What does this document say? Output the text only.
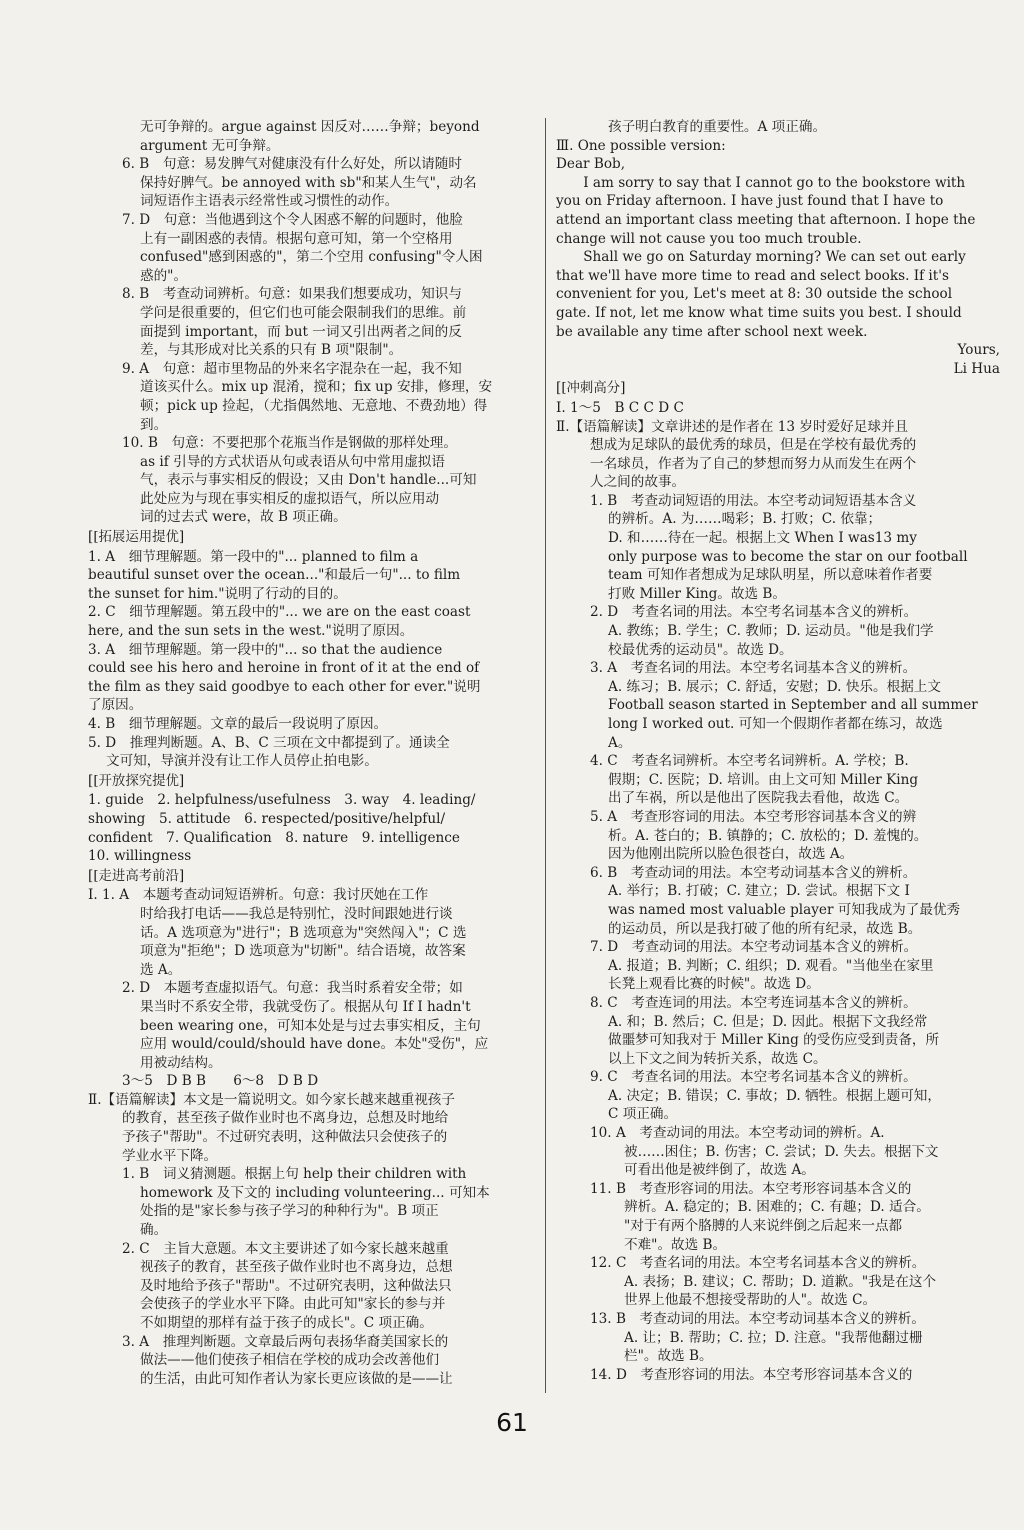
无可争辩的。argue against 因反对……争辩；beyond
argument 无可争辩。
6. B　句意：易发脾气对健康没有什么好处，所以请随时
保持好脾气。be annoyed with sb"和某人生气"，动名
词短语作主语表示经常性或习惯性的动作。
7. D　句意：当他遇到这个令人困惑不解的问题时，他脸
上有一副困惑的表情。根据句意可知，第一个空格用
confused"感到困惑的"，第二个空用 confusing"令人困
惑的"。
8. B　考查动词辨析。句意：如果我们想要成功，知识与
学问是很重要的，但它们也可能会限制我们的思维。前
面提到 important，而 but 一词又引出两者之间的反
差，与其形成对比关系的只有 B 项"限制"。
9. A　句意：超市里物品的外来名字混杂在一起，我不知
道该买什么。mix up 混淆，搅和；fix up 安排，修理，安
顿；pick up 捡起，（尤指偶然地、无意地、不费劲地）得
到。
10. B　句意：不要把那个花瓶当作是钢做的那样处理。
as if 引导的方式状语从句或表语从句中常用虚拟语
气，表示与事实相反的假设；又由 Don't handle...可知
此处应为与现在事实相反的虚拟语气，所以应用动
词的过去式 were，故 B 项正确。
[ [ 拓展运用提优]
1. A　细节理解题。第一段中的"... planned to film a
beautiful sunset over the ocean..."和最后一句"... to film
the sunset for him."说明了行动的目的。
2. C　细节理解题。第五段中的"... we are on the east coast
here, and the sun sets in the west."说明了原因。
3. A　细节理解题。第一段中的"... so that the audience
could see his hero and heroine in front of it at the end of
the film as they said goodbye to each other for ever."说明
了原因。
4. B　细节理解题。文章的最后一段说明了原因。
5. D　推理判断题。A、B、C 三项在文中都提到了。通读全
文可知，导演并没有让工作人员停止拍电影。
[ [ 开放探究提优]
1. guide　2. helpfulness/usefulness　3. way　4. leading/
showing　5. attitude　6. respected/positive/helpful/
confident　7. Qualification　8. nature　9. intelligence
10. willingness
[ [ 走进高考前沿]
Ⅰ. 1. A　本题考查动词短语辨析。句意：我讨厌她在工作
时给我打电话——我总是特别忙，没时间跟她进行谈
话。A 选项意为"进行"；B 选项意为"突然闯入"；C 选
项意为"拒绝"；D 选项意为"切断"。结合语境，故答案
选 A。
2. D　本题考查虚拟语气。句意：我当时系着安全带；如
果当时不系安全带，我就受伤了。根据从句 If I hadn't
been wearing one，可知本处是与过去事实相反，主句
应用 would/could/should have done。本处"受伤"，应
用被动结构。
3～5　D B B　　6～8　D B D
Ⅱ.【语篇解读】本文是一篇说明文。如今家长越来越重视孩子
的教育，甚至孩子做作业时也不离身边，总想及时地给
予孩子"帮助"。不过研究表明，这种做法只会使孩子的
学业水平下降。
1. B　词义猜测题。根据上句 help their children with
homework 及下文的 including volunteering... 可知本
处指的是"家长参与孩子学习的种种行为"。B 项正
确。
2. C　主旨大意题。本文主要讲述了如今家长越来越重
视孩子的教育，甚至孩子做作业时也不离身边，总想
及时地给予孩子"帮助"。不过研究表明，这种做法只
会使孩子的学业水平下降。由此可知"家长的参与并
不如期望的那样有益于孩子的成长"。C 项正确。
3. A　推理判断题。文章最后两句表扬华裔美国家长的
做法——他们使孩子相信在学校的成功会改善他们
的生活，由此可知作者认为家长更应该做的是——让
孩子明白教育的重要性。A 项正确。
Ⅲ. One possible version:
Dear Bob,
I am sorry to say that I cannot go to the bookstore with
you on Friday afternoon. I have just found that I have to
attend an important class meeting that afternoon. I hope the
change will not cause you too much trouble.
Shall we go on Saturday morning? We can set out early
that we'll have more time to read and select books. If it's
convenient for you, Let's meet at 8: 30 outside the school
gate. If not, let me know what time suits you best. I should
be available any time after school next week.
Yours,
Li Hua
[ [ 冲刺高分]
Ⅰ. 1～5　B C C D C
Ⅱ.【语篇解读】文章讲述的是作者在 13 岁时爱好足球并且
想成为足球队的最优秀的球员，但是在学校有最优秀的
一名球员，作者为了自己的梦想而努力从而发生在两个
人之间的故事。
1. B　考查动词短语的用法。本空考动词短语基本含义
的辨析。A. 为……喝彩；B. 打败；C. 依靠；
D. 和……待在一起。根据上文 When I was13 my
only purpose was to become the star on our football
team 可知作者想成为足球队明星，所以意味着作者要
打败 Miller King。故选 B。
2. D　考查名词的用法。本空考名词基本含义的辨析。
A. 教练；B. 学生；C. 教师；D. 运动员。"他是我们学
校最优秀的运动员"。故选 D。
3. A　考查名词的用法。本空考名词基本含义的辨析。
A. 练习；B. 展示；C. 舒适，安慰；D. 快乐。根据上文
Football season started in September and all summer
long I worked out. 可知一个假期作者都在练习，故选
A。
4. C　考查名词辨析。本空考名词辨析。A. 学校；B.
假期；C. 医院；D. 培训。由上文可知 Miller King
出了车祸，所以是他出了医院我去看他，故选 C。
5. A　考查形容词的用法。本空考形容词基本含义的辨
析。A. 苍白的；B. 镇静的；C. 放松的；D. 羞愧的。
因为他刚出院所以脸色很苍白，故选 A。
6. B　考查动词的用法。本空考动词基本含义的辨析。
A. 举行；B. 打破；C. 建立；D. 尝试。根据下文 I
was named most valuable player 可知我成为了最优秀
的运动员，所以是我打破了他的所有纪录，故选 B。
7. D　考查动词的用法。本空考动词基本含义的辨析。
A. 报道；B. 判断；C. 组织；D. 观看。"当他坐在家里
长凳上观看比赛的时候"。故选 D。
8. C　考查连词的用法。本空考连词基本含义的辨析。
A. 和；B. 然后；C. 但是；D. 因此。根据下文我经常
做噩梦可知我对于 Miller King 的受伤应受到责备，所
以上下文之间为转折关系，故选 C。
9. C　考查名词的用法。本空考名词基本含义的辨析。
A. 决定；B. 错误；C. 事故；D. 牺牲。根据上题可知，
C 项正确。
10. A　考查动词的用法。本空考动词的辨析。A.
被……困住；B. 伤害；C. 尝试；D. 失去。根据下文
可看出他是被绊倒了，故选 A。
11. B　考查形容词的用法。本空考形容词基本含义的
辨析。A. 稳定的；B. 困难的；C. 有趣；D. 适合。
"对于有两个胳膊的人来说绊倒之后起来一点都
不难"。故选 B。
12. C　考查名词的用法。本空考名词基本含义的辨析。
A. 表扬；B. 建议；C. 帮助；D. 道歉。"我是在这个
世界上他最不想接受帮助的人"。故选 C。
13. B　考查动词的用法。本空考动词基本含义的辨析。
A. 让；B. 帮助；C. 拉；D. 注意。"我帮他翻过栅
栏"。故选 B。
14. D　考查形容词的用法。本空考形容词基本含义的
61
